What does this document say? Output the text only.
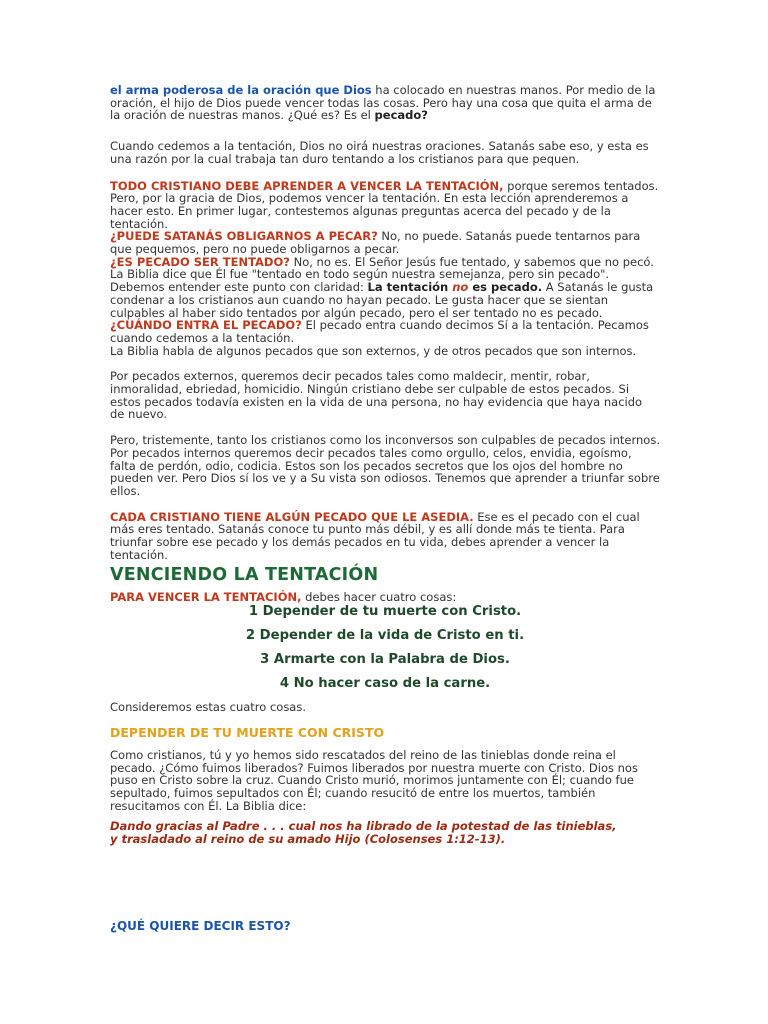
el arma poderosa de la oración que Dios ha colocado en nuestras manos. Por medio de la oración, el hijo de Dios puede vencer todas las cosas. Pero hay una cosa que quita el arma de la oración de nuestras manos. ¿Qué es? Es el pecado?

Cuando cedemos a la tentación, Dios no oirá nuestras oraciones. Satanás sabe eso, y esta es una razón por la cual trabaja tan duro tentando a los cristianos para que pequen.

TODO CRISTIANO DEBE APRENDER A VENCER LA TENTACIÓN, porque seremos tentados. Pero, por la gracia de Dios, podemos vencer la tentación. En esta lección aprenderemos a hacer esto. En primer lugar, contestemos algunas preguntas acerca del pecado y de la tentación.

¿PUEDE SATANÁS OBLIGARNOS A PECAR? No, no puede. Satanás puede tentarnos para que pequemos, pero no puede obligarnos a pecar.

¿ES PECADO SER TENTADO? No, no es. El Señor Jesús fue tentado, y sabemos que no pecó. La Biblia dice que Él fue "tentado en todo según nuestra semejanza, pero sin pecado". Debemos entender este punto con claridad: La tentación no es pecado. A Satanás le gusta condenar a los cristianos aun cuando no hayan pecado. Le gusta hacer que se sientan culpables al haber sido tentados por algún pecado, pero el ser tentado no es pecado.

¿CUÁNDO ENTRA EL PECADO? El pecado entra cuando decimos Sí a la tentación. Pecamos cuando cedemos a la tentación.

La Biblia habla de algunos pecados que son externos, y de otros pecados que son internos.

Por pecados externos, queremos decir pecados tales como maldecir, mentir, robar, inmoralidad, ebriedad, homicidio. Ningún cristiano debe ser culpable de estos pecados. Si estos pecados todavía existen en la vida de una persona, no hay evidencia que haya nacido de nuevo.

Pero, tristemente, tanto los cristianos como los inconversos son culpables de pecados internos. Por pecados internos queremos decir pecados tales como orgullo, celos, envidia, egoísmo, falta de perdón, odio, codicia. Estos son los pecados secretos que los ojos del hombre no pueden ver. Pero Dios sí los ve y a Su vista son odiosos. Tenemos que aprender a triunfar sobre ellos.

CADA CRISTIANO TIENE ALGÚN PECADO QUE LE ASEDIA. Ese es el pecado con el cual más eres tentado. Satanás conoce tu punto más débil, y es allí donde más te tienta. Para triunfar sobre ese pecado y los demás pecados en tu vida, debes aprender a vencer la tentación.

VENCIENDO LA TENTACIÓN

PARA VENCER LA TENTACIÓN, debes hacer cuatro cosas:

1 Depender de tu muerte con Cristo.

2 Depender de la vida de Cristo en ti.

3 Armarte con la Palabra de Dios.

4 No hacer caso de la carne.

Consideremos estas cuatro cosas.

DEPENDER DE TU MUERTE CON CRISTO

Como cristianos, tú y yo hemos sido rescatados del reino de las tinieblas donde reina el pecado. ¿Cómo fuimos liberados? Fuimos liberados por nuestra muerte con Cristo. Dios nos puso en Cristo sobre la cruz. Cuando Cristo murió, morimos juntamente con Él; cuando fue sepultado, fuimos sepultados con Él; cuando resucitó de entre los muertos, también resucitamos con Él. La Biblia dice:

Dando gracias al Padre . . . cual nos ha librado de la potestad de las tinieblas,
y trasladado al reino de su amado Hijo (Colosenses 1:12-13).

¿QUÉ QUIERE DECIR ESTO?
